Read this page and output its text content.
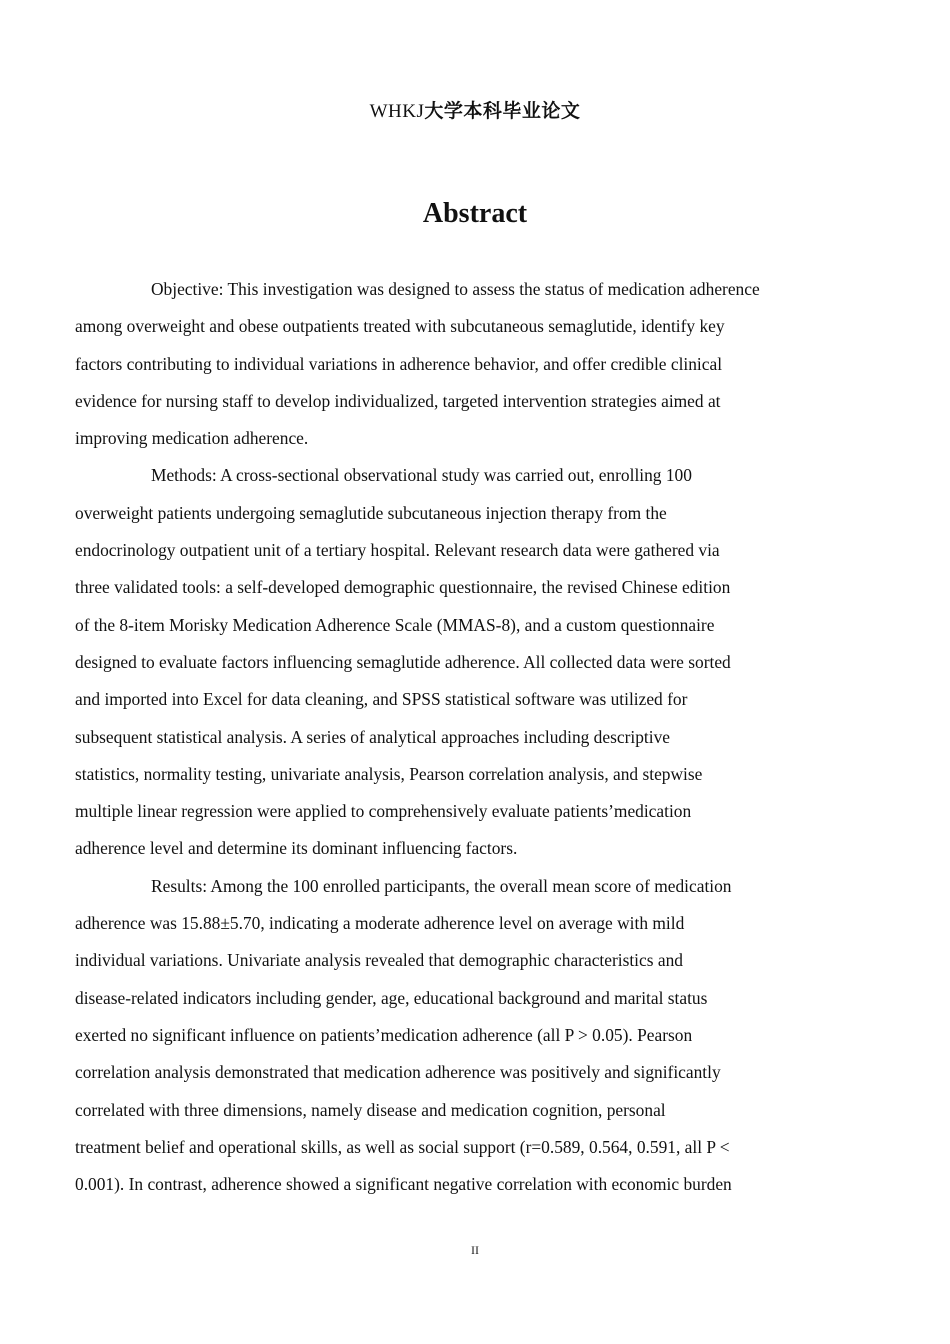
WHKJ大学本科毕业论文
Abstract

Objective: This investigation was designed to assess the status of medication adherence
among overweight and obese outpatients treated with subcutaneous semaglutide, identify key
factors contributing to individual variations in adherence behavior, and offer credible clinical
evidence for nursing staff to develop individualized, targeted intervention strategies aimed at
improving medication adherence.

Methods: A cross-sectional observational study was carried out, enrolling 100
overweight patients undergoing semaglutide subcutaneous injection therapy from the
endocrinology outpatient unit of a tertiary hospital. Relevant research data were gathered via
three validated tools: a self-developed demographic questionnaire, the revised Chinese edition
of the 8-item Morisky Medication Adherence Scale (MMAS-8), and a custom questionnaire
designed to evaluate factors influencing semaglutide adherence. All collected data were sorted
and imported into Excel for data cleaning, and SPSS statistical software was utilized for
subsequent statistical analysis. A series of analytical approaches including descriptive
statistics, normality testing, univariate analysis, Pearson correlation analysis, and stepwise
multiple linear regression were applied to comprehensively evaluate patients’medication
adherence level and determine its dominant influencing factors.

Results: Among the 100 enrolled participants, the overall mean score of medication
adherence was 15.88±5.70, indicating a moderate adherence level on average with mild
individual variations. Univariate analysis revealed that demographic characteristics and
disease-related indicators including gender, age, educational background and marital status
exerted no significant influence on patients’medication adherence (all P > 0.05). Pearson
correlation analysis demonstrated that medication adherence was positively and significantly
correlated with three dimensions, namely disease and medication cognition, personal
treatment belief and operational skills, as well as social support (r=0.589, 0.564, 0.591, all P <
0.001). In contrast, adherence showed a significant negative correlation with economic burden

II
